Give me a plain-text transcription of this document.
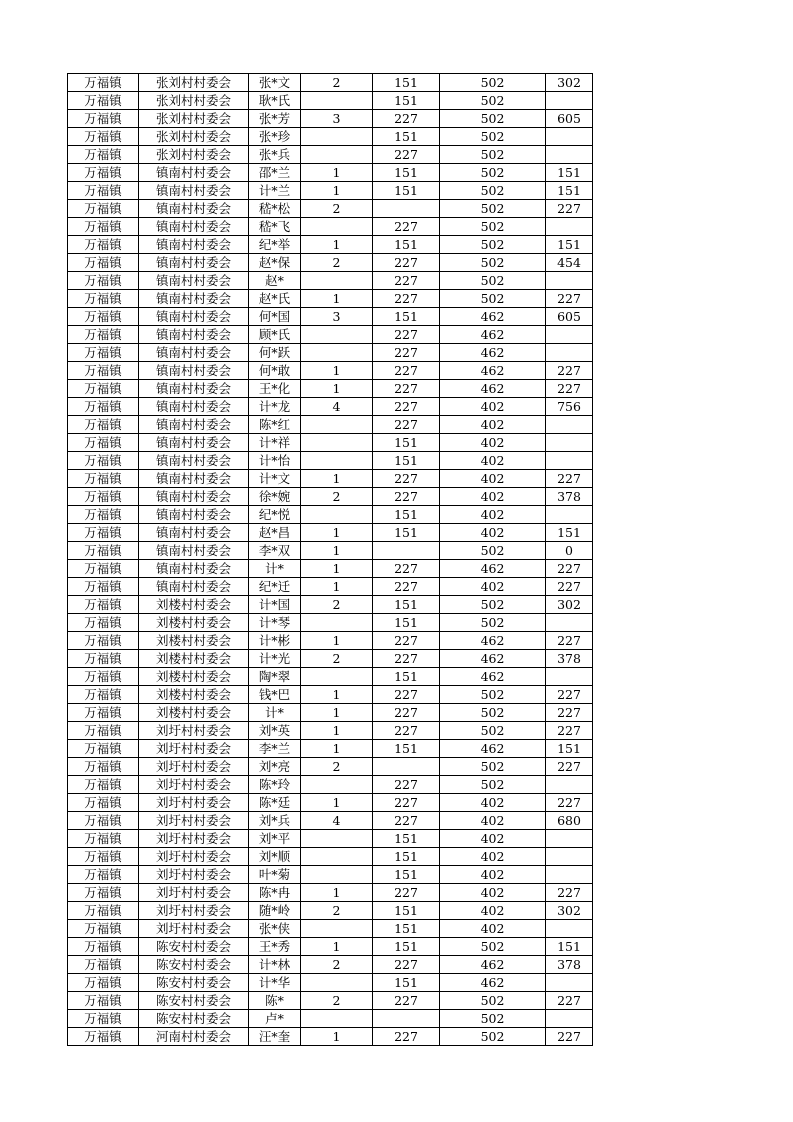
万福镇	张刘村村委会	张*文	2	151	502	302
万福镇	张刘村村委会	耿*氏		151	502	
万福镇	张刘村村委会	张*芳	3	227	502	605
万福镇	张刘村村委会	张*珍		151	502	
万福镇	张刘村村委会	张*兵		227	502	
万福镇	镇南村村委会	邵*兰	1	151	502	151
万福镇	镇南村村委会	计*兰	1	151	502	151
万福镇	镇南村村委会	嵇*松	2		502	227
万福镇	镇南村村委会	嵇*飞		227	502	
万福镇	镇南村村委会	纪*举	1	151	502	151
万福镇	镇南村村委会	赵*保	2	227	502	454
万福镇	镇南村村委会	赵*		227	502	
万福镇	镇南村村委会	赵*氏	1	227	502	227
万福镇	镇南村村委会	何*国	3	151	462	605
万福镇	镇南村村委会	顾*氏		227	462	
万福镇	镇南村村委会	何*跃		227	462	
万福镇	镇南村村委会	何*敢	1	227	462	227
万福镇	镇南村村委会	王*化	1	227	462	227
万福镇	镇南村村委会	计*龙	4	227	402	756
万福镇	镇南村村委会	陈*红		227	402	
万福镇	镇南村村委会	计*祥		151	402	
万福镇	镇南村村委会	计*怡		151	402	
万福镇	镇南村村委会	计*文	1	227	402	227
万福镇	镇南村村委会	徐*婉	2	227	402	378
万福镇	镇南村村委会	纪*悦		151	402	
万福镇	镇南村村委会	赵*昌	1	151	402	151
万福镇	镇南村村委会	李*双	1		502	0
万福镇	镇南村村委会	计*	1	227	462	227
万福镇	镇南村村委会	纪*迁	1	227	402	227
万福镇	刘楼村村委会	计*国	2	151	502	302
万福镇	刘楼村村委会	计*琴		151	502	
万福镇	刘楼村村委会	计*彬	1	227	462	227
万福镇	刘楼村村委会	计*光	2	227	462	378
万福镇	刘楼村村委会	陶*翠		151	462	
万福镇	刘楼村村委会	钱*巴	1	227	502	227
万福镇	刘楼村村委会	计*	1	227	502	227
万福镇	刘圩村村委会	刘*英	1	227	502	227
万福镇	刘圩村村委会	李*兰	1	151	462	151
万福镇	刘圩村村委会	刘*亮	2		502	227
万福镇	刘圩村村委会	陈*玲		227	502	
万福镇	刘圩村村委会	陈*廷	1	227	402	227
万福镇	刘圩村村委会	刘*兵	4	227	402	680
万福镇	刘圩村村委会	刘*平		151	402	
万福镇	刘圩村村委会	刘*顺		151	402	
万福镇	刘圩村村委会	叶*菊		151	402	
万福镇	刘圩村村委会	陈*冉	1	227	402	227
万福镇	刘圩村村委会	随*岭	2	151	402	302
万福镇	刘圩村村委会	张*侠		151	402	
万福镇	陈安村村委会	王*秀	1	151	502	151
万福镇	陈安村村委会	计*林	2	227	462	378
万福镇	陈安村村委会	计*华		151	462	
万福镇	陈安村村委会	陈*	2	227	502	227
万福镇	陈安村村委会	卢*			502	
万福镇	河南村村委会	汪*奎	1	227	502	227
